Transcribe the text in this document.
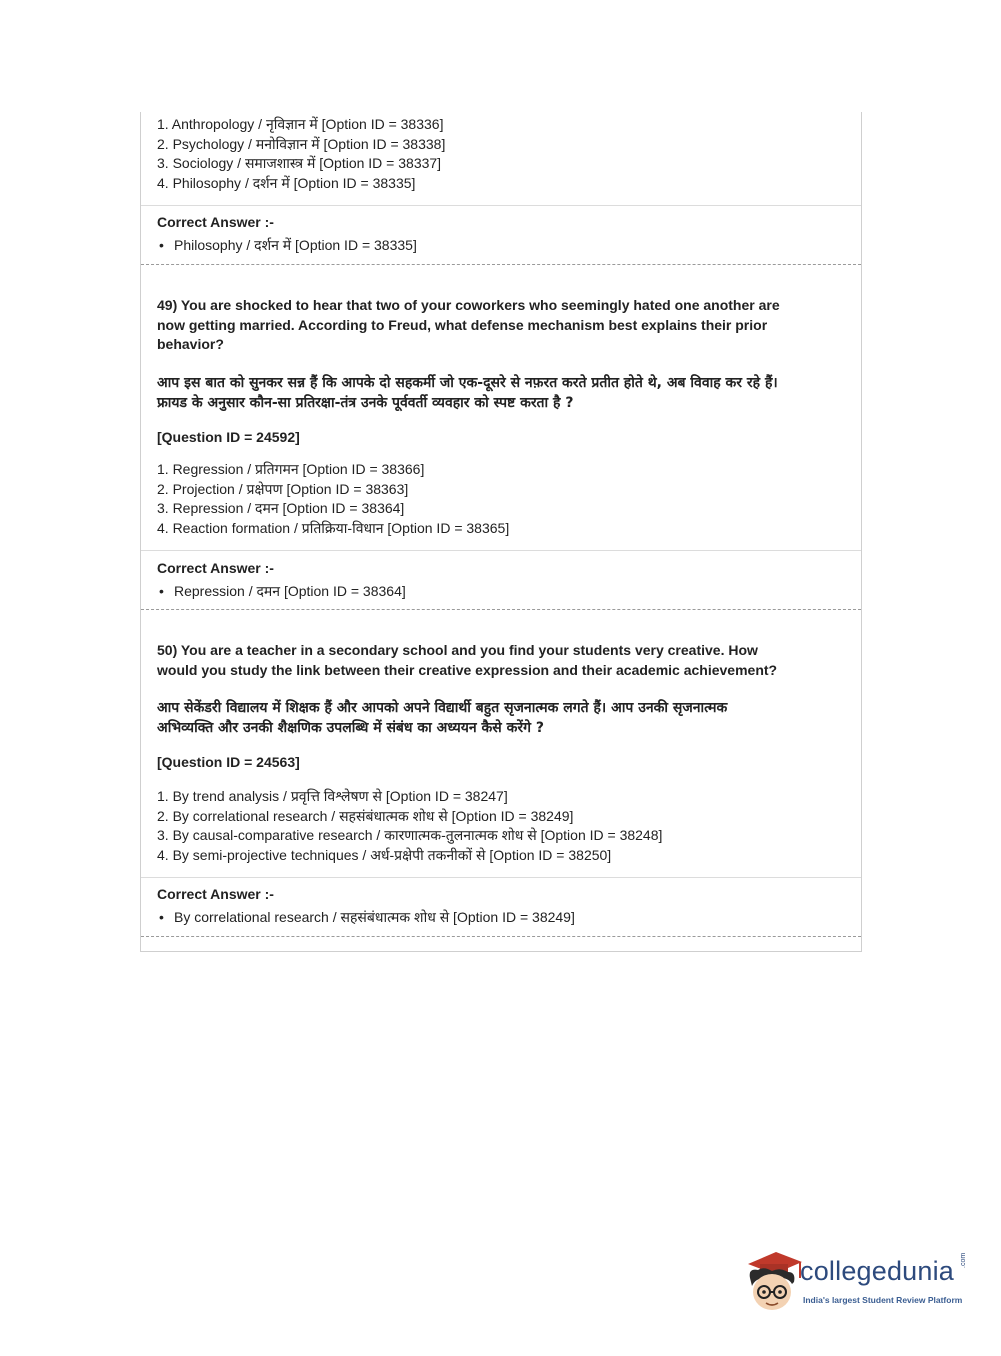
1. Anthropology / नृविज्ञान में [Option ID = 38336]
2. Psychology / मनोविज्ञान में [Option ID = 38338]
3. Sociology / समाजशास्त्र में [Option ID = 38337]
4. Philosophy / दर्शन में [Option ID = 38335]
Correct Answer :-
• Philosophy / दर्शन में [Option ID = 38335]
49) You are shocked to hear that two of your coworkers who seemingly hated one another are
now getting married. According to Freud, what defense mechanism best explains their prior
behavior?
आप इस बात को सुनकर सन्न हैं कि आपके दो सहकर्मी जो एक-दूसरे से नफ़रत करते प्रतीत होते थे, अब विवाह कर रहे हैं।
फ्रायड के अनुसार कौन-सा प्रतिरक्षा-तंत्र उनके पूर्ववर्ती व्यवहार को स्पष्ट करता है ?
[Question ID = 24592]
1. Regression / प्रतिगमन [Option ID = 38366]
2. Projection / प्रक्षेपण [Option ID = 38363]
3. Repression / दमन [Option ID = 38364]
4. Reaction formation / प्रतिक्रिया-विधान [Option ID = 38365]
Correct Answer :-
• Repression / दमन [Option ID = 38364]
50) You are a teacher in a secondary school and you find your students very creative. How
would you study the link between their creative expression and their academic achievement?
आप सेकेंडरी विद्यालय में शिक्षक हैं और आपको अपने विद्यार्थी बहुत सृजनात्मक लगते हैं। आप उनकी सृजनात्मक
अभिव्यक्ति और उनकी शैक्षणिक उपलब्धि में संबंध का अध्ययन कैसे करेंगे ?
[Question ID = 24563]
1. By trend analysis / प्रवृत्ति विश्लेषण से [Option ID = 38247]
2. By correlational research / सहसंबंधात्मक शोध से [Option ID = 38249]
3. By causal-comparative research / कारणात्मक-तुलनात्मक शोध से [Option ID = 38248]
4. By semi-projective techniques / अर्ध-प्रक्षेपी तकनीकों से [Option ID = 38250]
Correct Answer :-
• By correlational research / सहसंबंधात्मक शोध से [Option ID = 38249]
collegedunia .com
India's largest Student Review Platform
